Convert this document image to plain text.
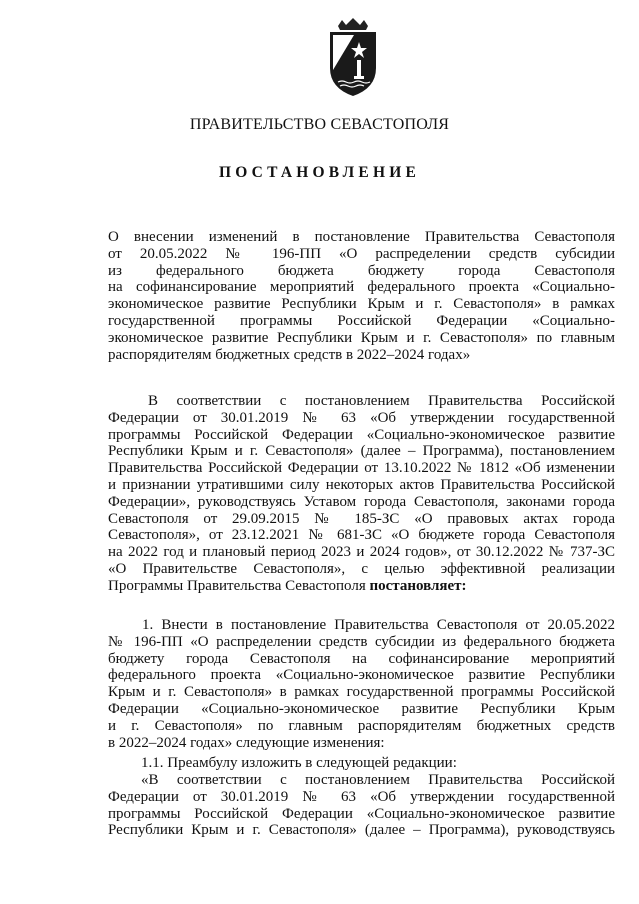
ПРАВИТЕЛЬСТВО СЕВАСТОПОЛЯ
ПОСТАНОВЛЕНИЕ
О внесении изменений в постановление Правительства Севастополя
от 20.05.2022 № 196-ПП «О распределении средств субсидии
из федерального бюджета бюджету города Севастополя
на софинансирование мероприятий федерального проекта «Социально-
экономическое развитие Республики Крым и г. Севастополя» в рамках
государственной программы Российской Федерации «Социально-
экономическое развитие Республики Крым и г. Севастополя» по главным
распорядителям бюджетных средств в 2022–2024 годах»
В соответствии с постановлением Правительства Российской
Федерации от 30.01.2019 № 63 «Об утверждении государственной
программы Российской Федерации «Социально-экономическое развитие
Республики Крым и г. Севастополя» (далее – Программа), постановлением
Правительства Российской Федерации от 13.10.2022 № 1812 «Об изменении
и признании утратившими силу некоторых актов Правительства Российской
Федерации», руководствуясь Уставом города Севастополя, законами города
Севастополя от 29.09.2015 № 185-ЗС «О правовых актах города
Севастополя», от 23.12.2021 № 681-ЗС «О бюджете города Севастополя
на 2022 год и плановый период 2023 и 2024 годов», от 30.12.2022 № 737-ЗС
«О Правительстве Севастополя», с целью эффективной реализации
Программы Правительства Севастополя постановляет:
1. Внести в постановление Правительства Севастополя от 20.05.2022
№ 196-ПП «О распределении средств субсидии из федерального бюджета
бюджету города Севастополя на софинансирование мероприятий
федерального проекта «Социально-экономическое развитие Республики
Крым и г. Севастополя» в рамках государственной программы Российской
Федерации «Социально-экономическое развитие Республики Крым
и г. Севастополя» по главным распорядителям бюджетных средств
в 2022–2024 годах» следующие изменения:
1.1. Преамбулу изложить в следующей редакции:
«В соответствии с постановлением Правительства Российской
Федерации от 30.01.2019 № 63 «Об утверждении государственной
программы Российской Федерации «Социально-экономическое развитие
Республики Крым и г. Севастополя» (далее – Программа), руководствуясь
